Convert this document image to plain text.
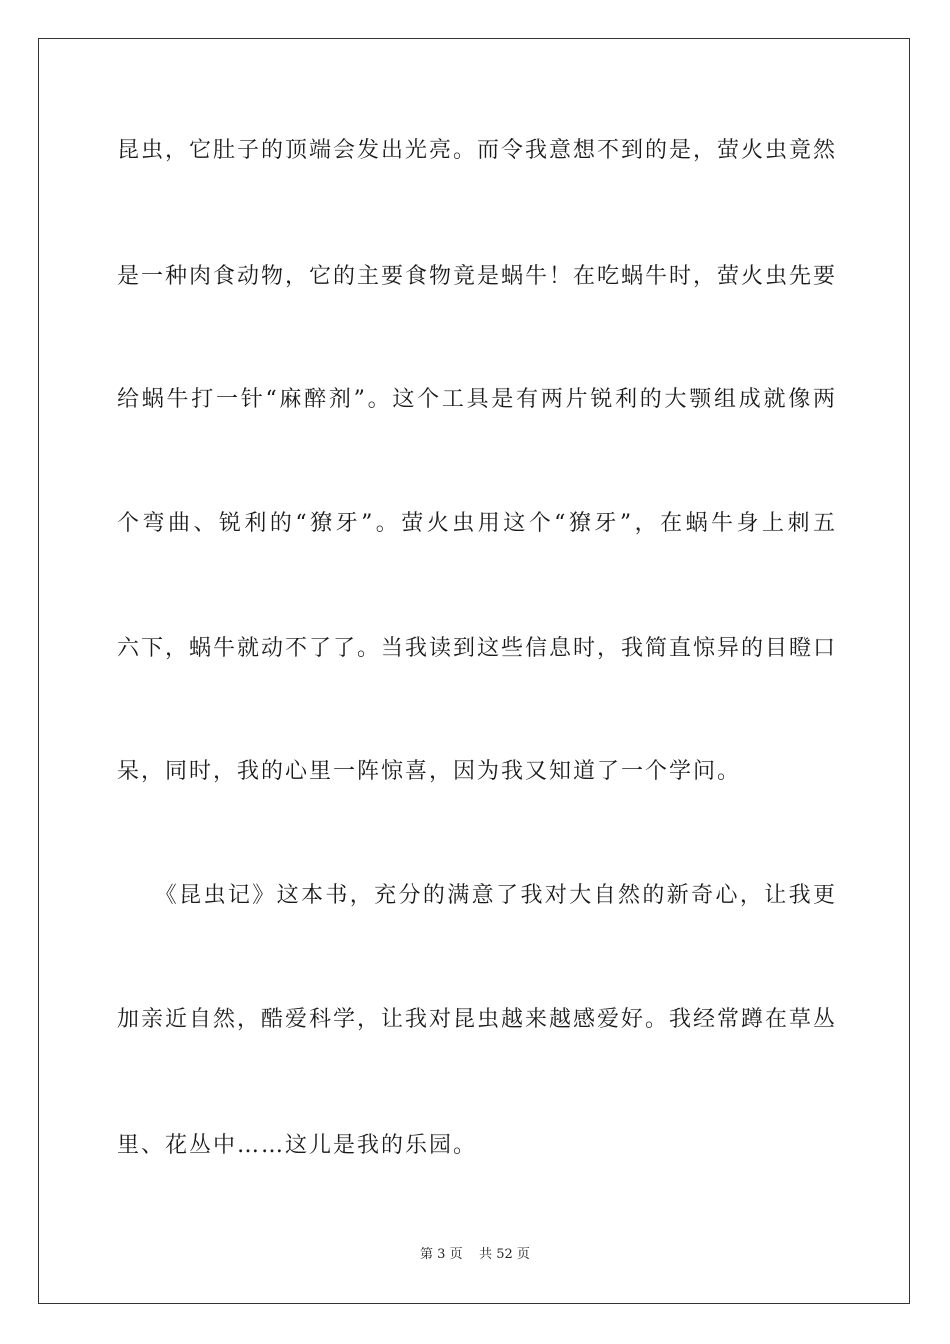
昆虫，它肚子的顶端会发出光亮。而令我意想不到的是，萤火虫竟然
是一种肉食动物，它的主要食物竟是蜗牛！在吃蜗牛时，萤火虫先要
给蜗牛打一针“麻醉剂”。这个工具是有两片锐利的大颚组成就像两
个弯曲、锐利的“獠牙”。萤火虫用这个“獠牙”，在蜗牛身上刺五
六下，蜗牛就动不了了。当我读到这些信息时，我简直惊异的目瞪口
呆，同时，我的心里一阵惊喜，因为我又知道了一个学问。
　　《昆虫记》这本书，充分的满意了我对大自然的新奇心，让我更
加亲近自然，酷爱科学，让我对昆虫越来越感爱好。我经常蹲在草丛
里、花丛中……这儿是我的乐园。
第 3 页 共 52 页
